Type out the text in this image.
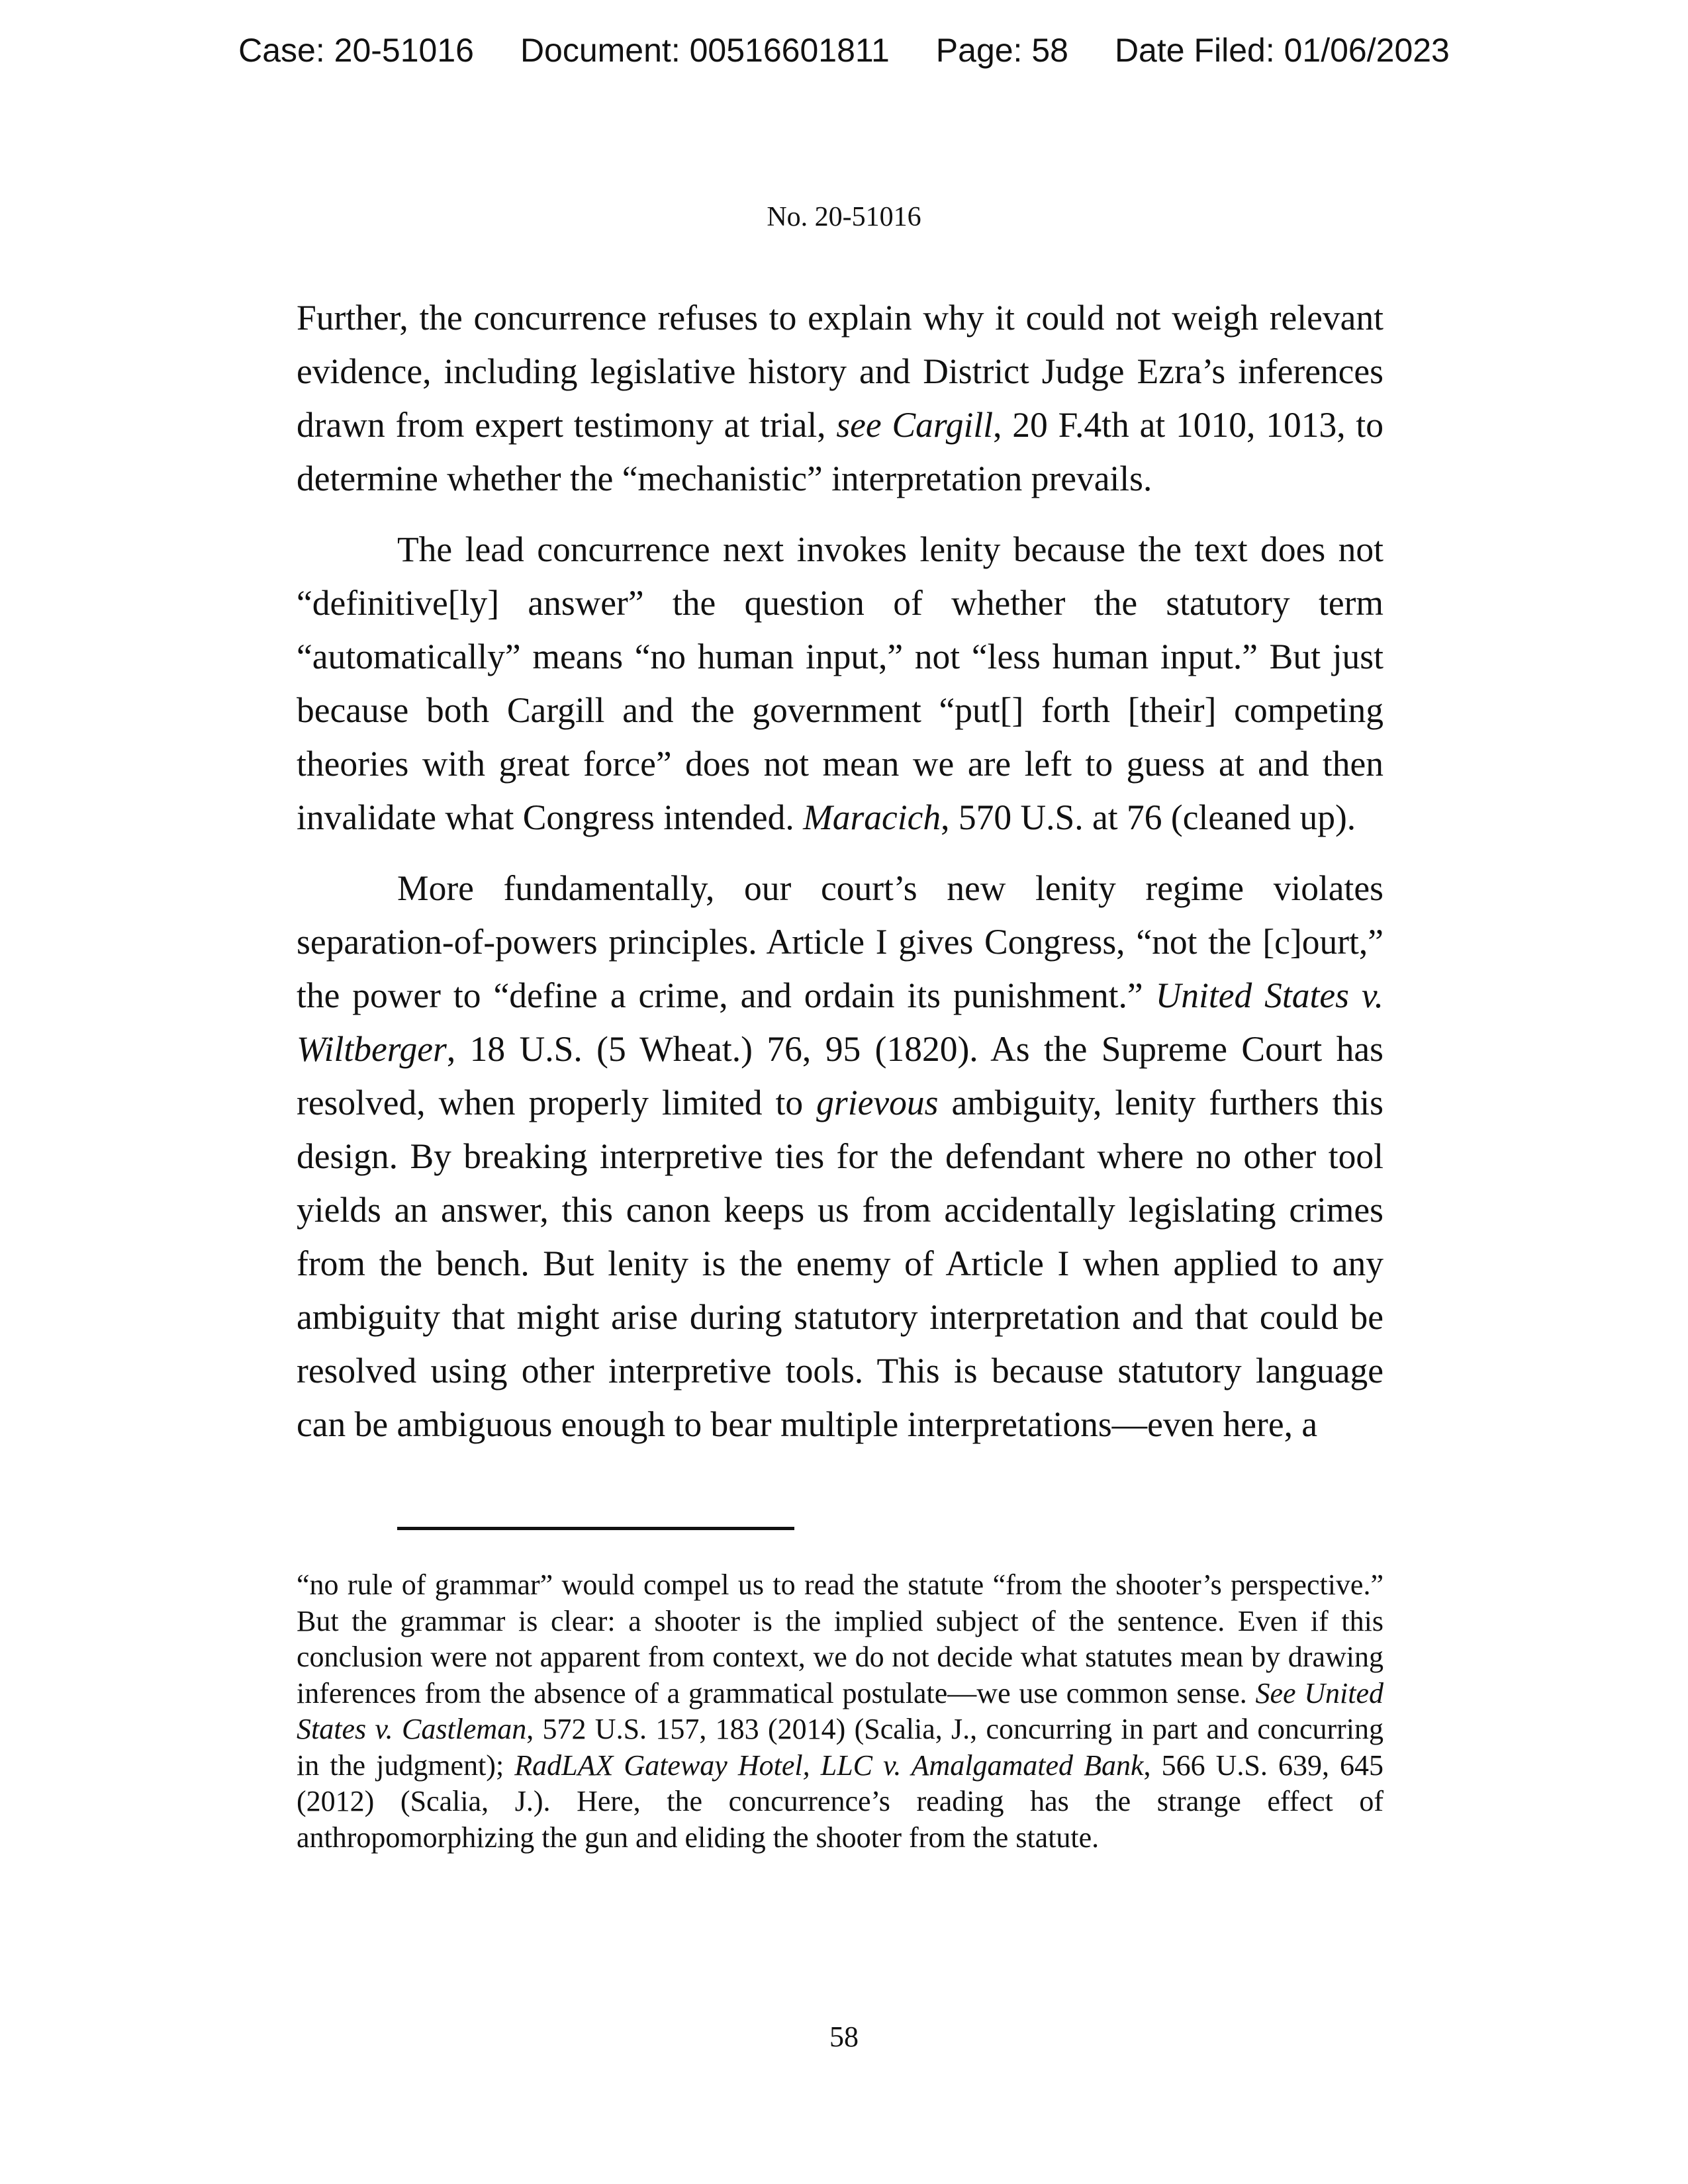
Case: 20-51016 Document: 00516601811 Page: 58 Date Filed: 01/06/2023
No. 20-51016

Further, the concurrence refuses to explain why it could not weigh relevant evidence, including legislative history and District Judge Ezra’s inferences drawn from expert testimony at trial, see Cargill, 20 F.4th at 1010, 1013, to determine whether the “mechanistic” interpretation prevails.

The lead concurrence next invokes lenity because the text does not “definitive[ly] answer” the question of whether the statutory term “automatically” means “no human input,” not “less human input.” But just because both Cargill and the government “put[] forth [their] competing theories with great force” does not mean we are left to guess at and then invalidate what Congress intended. Maracich, 570 U.S. at 76 (cleaned up).

More fundamentally, our court’s new lenity regime violates separation-of-powers principles. Article I gives Congress, “not the [c]ourt,” the power to “define a crime, and ordain its punishment.” United States v. Wiltberger, 18 U.S. (5 Wheat.) 76, 95 (1820). As the Supreme Court has resolved, when properly limited to grievous ambiguity, lenity furthers this design. By breaking interpretive ties for the defendant where no other tool yields an answer, this canon keeps us from accidentally legislating crimes from the bench. But lenity is the enemy of Article I when applied to any ambiguity that might arise during statutory interpretation and that could be resolved using other interpretive tools. This is because statutory language can be ambiguous enough to bear multiple interpretations—even here, a

“no rule of grammar” would compel us to read the statute “from the shooter’s perspective.” But the grammar is clear: a shooter is the implied subject of the sentence. Even if this conclusion were not apparent from context, we do not decide what statutes mean by drawing inferences from the absence of a grammatical postulate—we use common sense. See United States v. Castleman, 572 U.S. 157, 183 (2014) (Scalia, J., concurring in part and concurring in the judgment); RadLAX Gateway Hotel, LLC v. Amalgamated Bank, 566 U.S. 639, 645 (2012) (Scalia, J.). Here, the concurrence’s reading has the strange effect of anthropomorphizing the gun and eliding the shooter from the statute.

58
